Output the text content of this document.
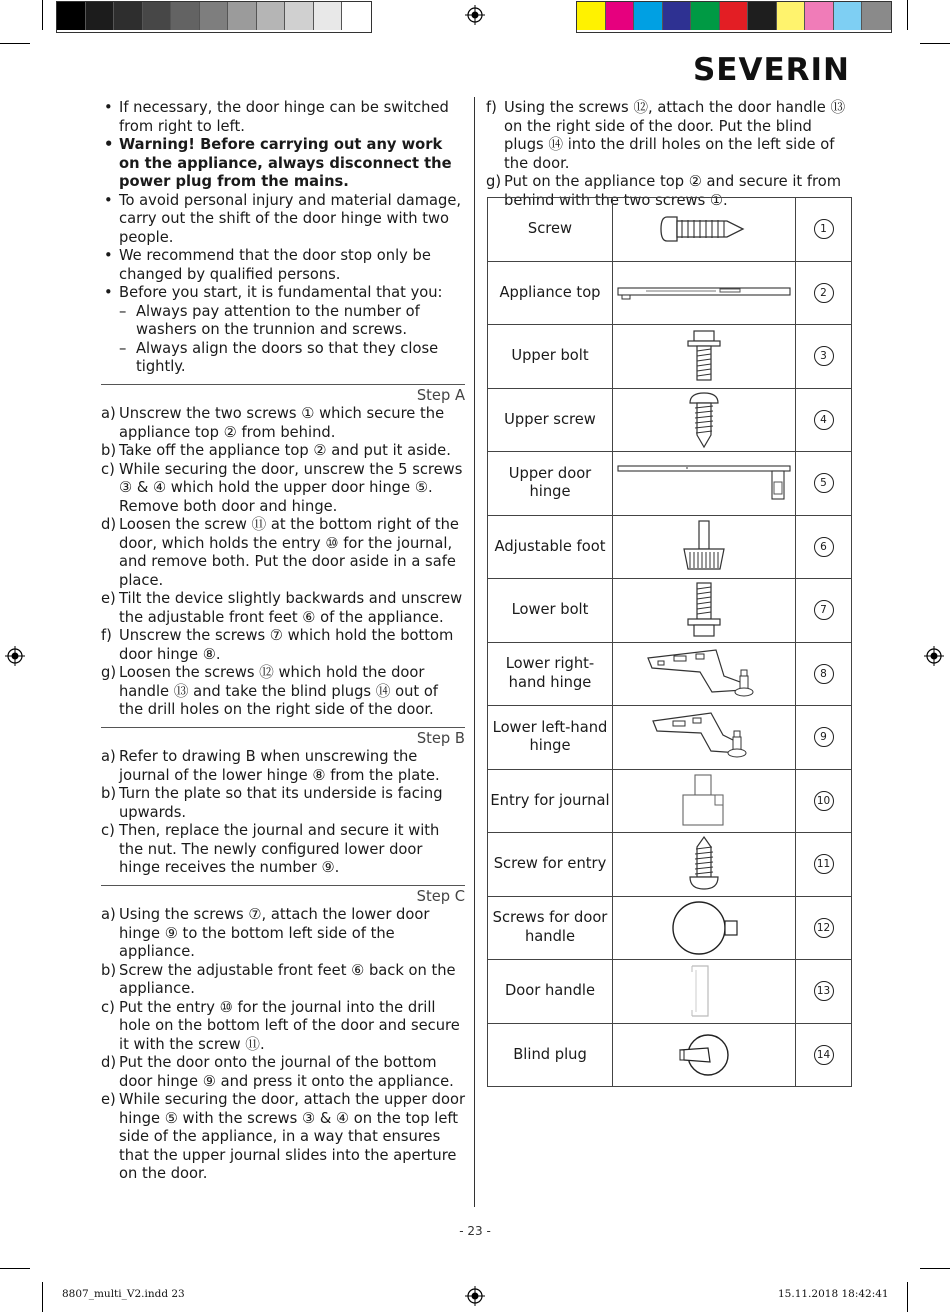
SEVERIN
• If necessary, the door hinge can be switched from right to left.
• Warning! Before carrying out any work on the appliance, always disconnect the power plug from the mains.
• To avoid personal injury and material damage, carry out the shift of the door hinge with two people.
• We recommend that the door stop only be changed by qualified persons.
• Before you start, it is fundamental that you:
– Always pay attention to the number of washers on the trunnion and screws.
– Always align the doors so that they close tightly.
Step A
a) Unscrew the two screws ① which secure the appliance top ② from behind.
b) Take off the appliance top ② and put it aside.
c) While securing the door, unscrew the 5 screws ③ & ④ which hold the upper door hinge ⑤. Remove both door and hinge.
d) Loosen the screw ⑪ at the bottom right of the door, which holds the entry ⑩ for the journal, and remove both. Put the door aside in a safe place.
e) Tilt the device slightly backwards and unscrew the adjustable front feet ⑥ of the appliance.
f) Unscrew the screws ⑦ which hold the bottom door hinge ⑧.
g) Loosen the screws ⑫ which hold the door handle ⑬ and take the blind plugs ⑭ out of the drill holes on the right side of the door.
Step B
a) Refer to drawing B when unscrewing the journal of the lower hinge ⑧ from the plate.
b) Turn the plate so that its underside is facing upwards.
c) Then, replace the journal and secure it with the nut. The newly configured lower door hinge receives the number ⑨.
Step C
a) Using the screws ⑦, attach the lower door hinge ⑨ to the bottom left side of the appliance.
b) Screw the adjustable front feet ⑥ back on the appliance.
c) Put the entry ⑩ for the journal into the drill hole on the bottom left of the door and secure it with the screw ⑪.
d) Put the door onto the journal of the bottom door hinge ⑨ and press it onto the appliance.
e) While securing the door, attach the upper door hinge ⑤ with the screws ③ & ④ on the top left side of the appliance, in a way that ensures that the upper journal slides into the aperture on the door.
f) Using the screws ⑫, attach the door handle ⑬ on the right side of the door. Put the blind plugs ⑭ into the drill holes on the left side of the door.
g) Put on the appliance top ② and secure it from behind with the two screws ①.
Screw		1
Appliance top		2
Upper bolt		3
Upper screw		4
Upper door hinge		5
Adjustable foot		6
Lower bolt		7
Lower right-hand hinge		8
Lower left-hand hinge		9
Entry for journal		10
Screw for entry		11
Screws for door handle		12
Door handle		13
Blind plug		14
- 23 -
8807_multi_V2.indd 23	15.11.2018 18:42:41
